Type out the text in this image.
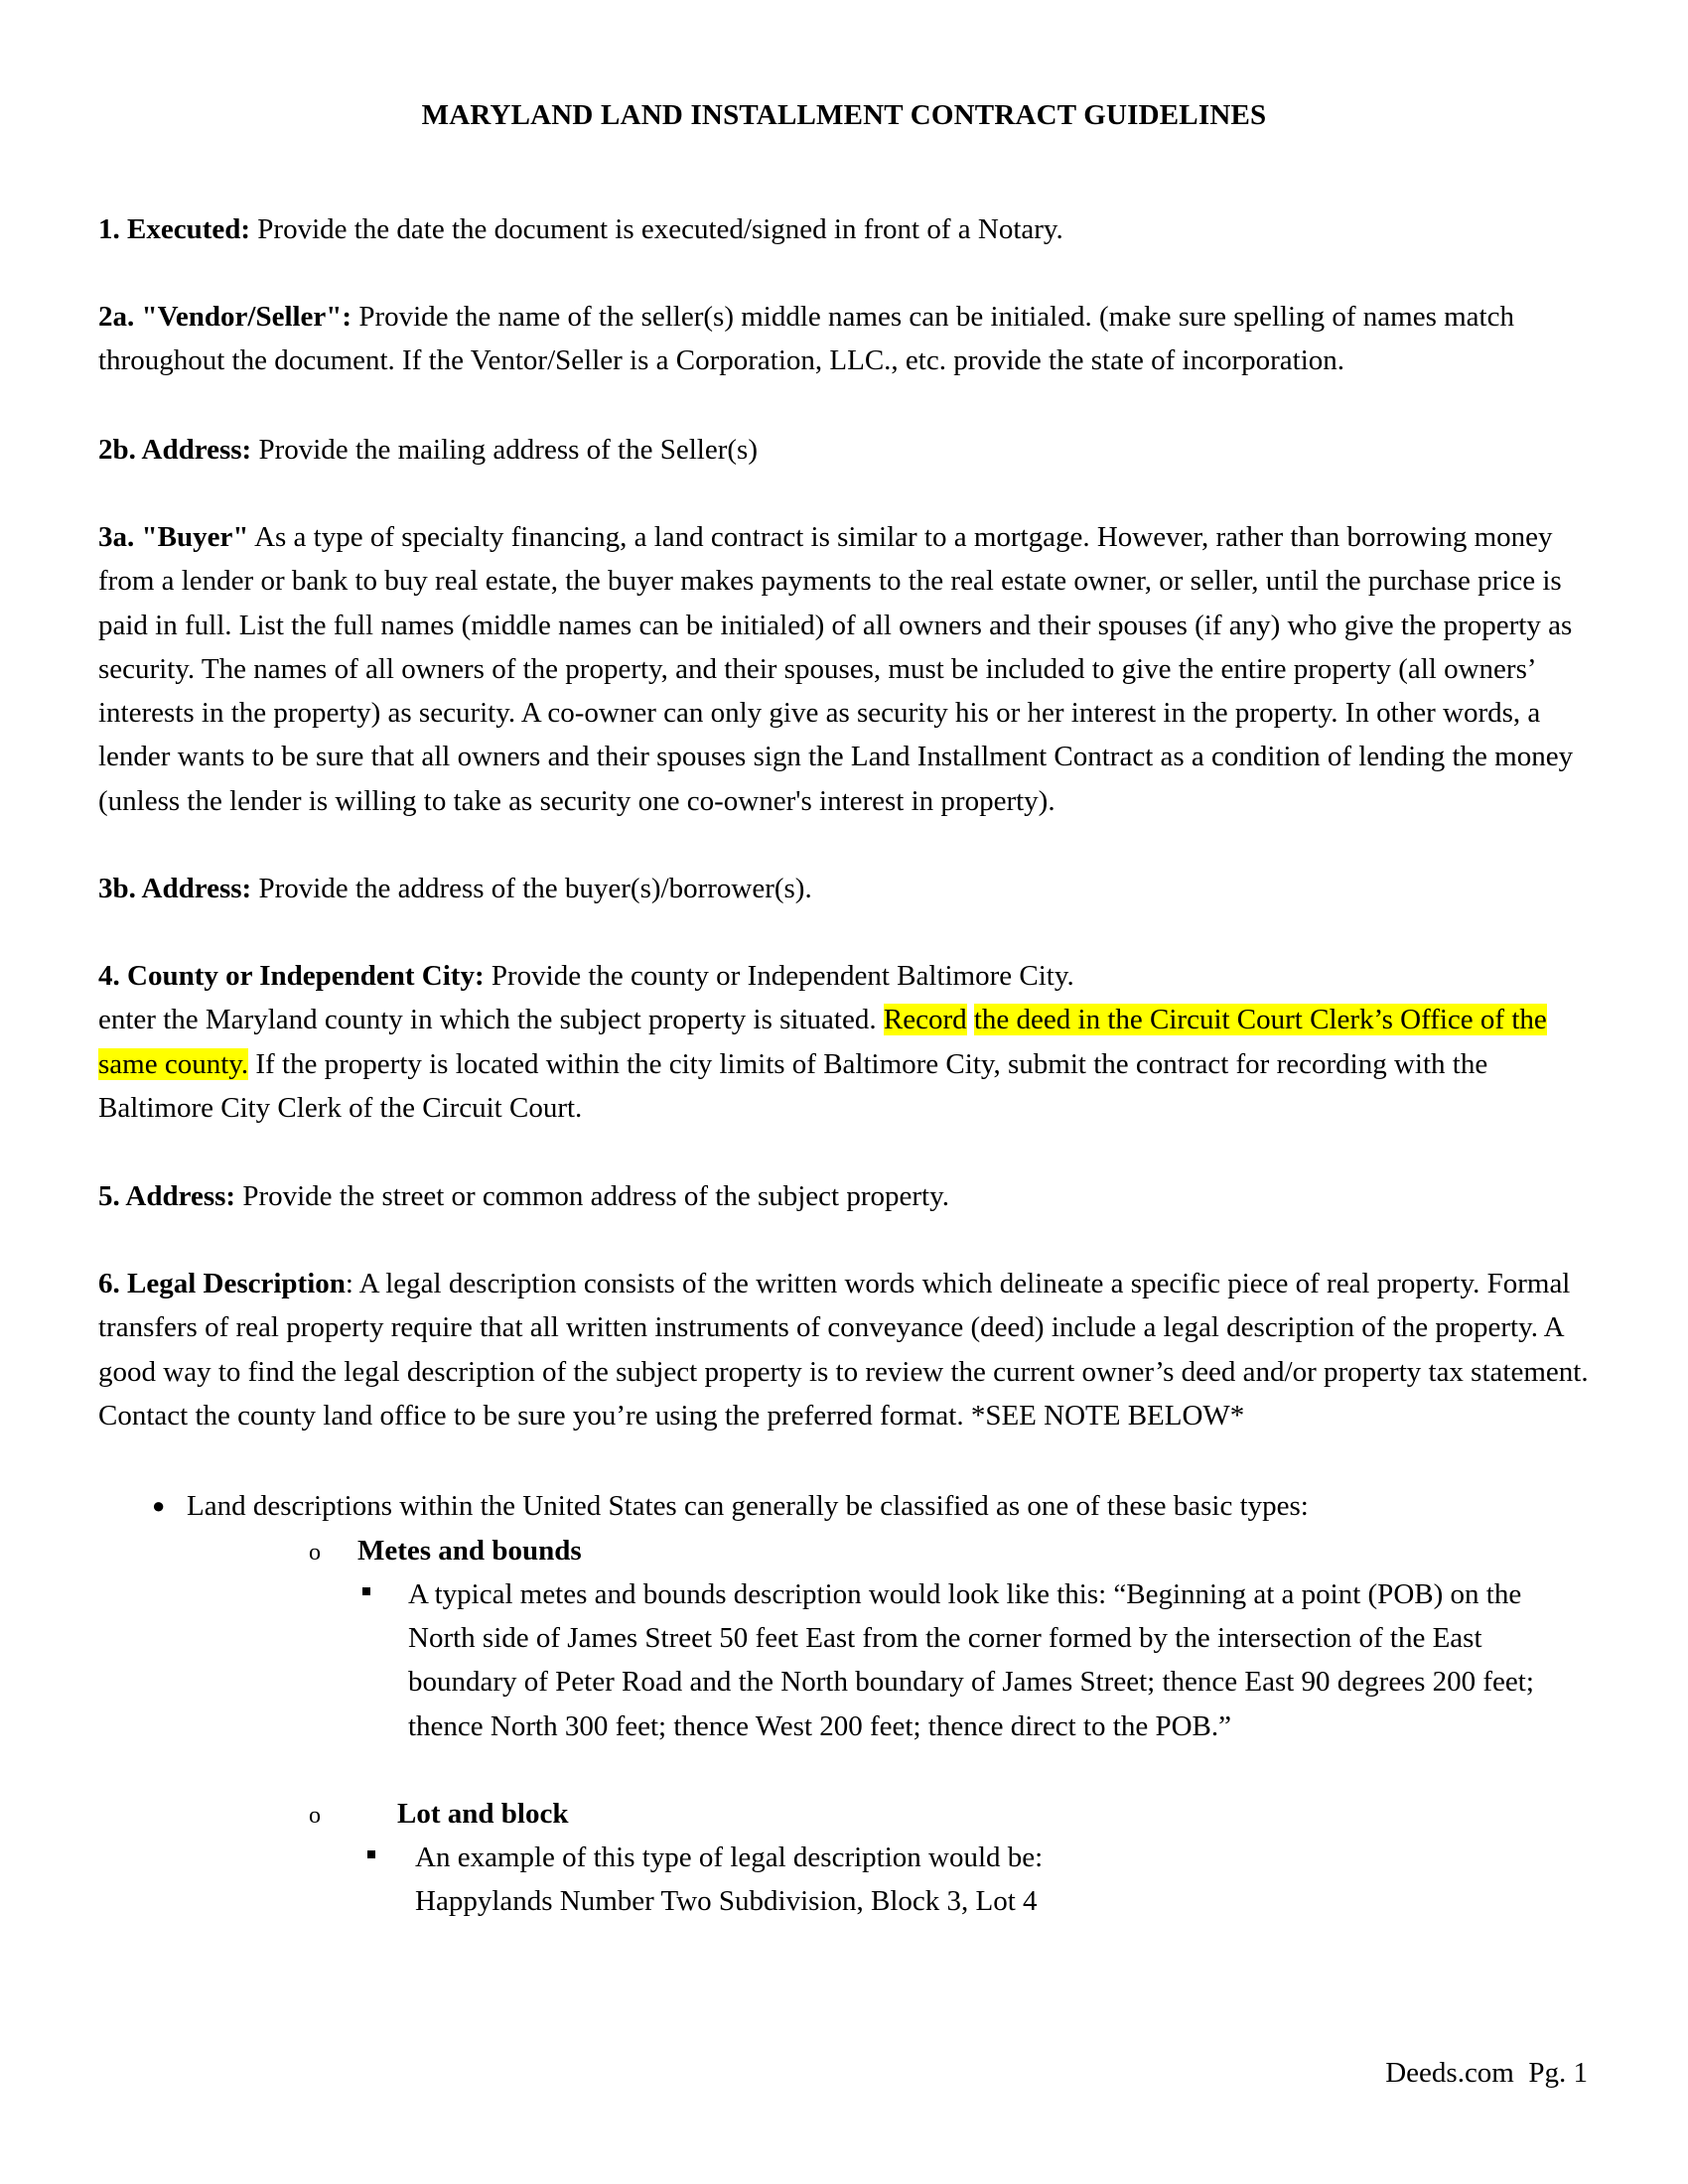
MARYLAND LAND INSTALLMENT CONTRACT GUIDELINES

1. Executed: Provide the date the document is executed/signed in front of a Notary.

2a. "Vendor/Seller": Provide the name of the seller(s) middle names can be initialed. (make sure spelling of names match throughout the document. If the Ventor/Seller is a Corporation, LLC., etc. provide the state of incorporation.

2b. Address: Provide the mailing address of the Seller(s)

3a. "Buyer" As a type of specialty financing, a land contract is similar to a mortgage. However, rather than borrowing money from a lender or bank to buy real estate, the buyer makes payments to the real estate owner, or seller, until the purchase price is paid in full. List the full names (middle names can be initialed) of all owners and their spouses (if any) who give the property as security. The names of all owners of the property, and their spouses, must be included to give the entire property (all owners’ interests in the property) as security. A co-owner can only give as security his or her interest in the property. In other words, a lender wants to be sure that all owners and their spouses sign the Land Installment Contract as a condition of lending the money (unless the lender is willing to take as security one co-owner's interest in property).

3b. Address: Provide the address of the buyer(s)/borrower(s).

4. County or Independent City: Provide the county or Independent Baltimore City.
enter the Maryland county in which the subject property is situated. Record the deed in the Circuit Court Clerk’s Office of the same county. If the property is located within the city limits of Baltimore City, submit the contract for recording with the Baltimore City Clerk of the Circuit Court.

5. Address: Provide the street or common address of the subject property.

6. Legal Description: A legal description consists of the written words which delineate a specific piece of real property. Formal transfers of real property require that all written instruments of conveyance (deed) include a legal description of the property. A good way to find the legal description of the subject property is to review the current owner’s deed and/or property tax statement. Contact the county land office to be sure you’re using the preferred format. *SEE NOTE BELOW*

● Land descriptions within the United States can generally be classified as one of these basic types:
o Metes and bounds
A typical metes and bounds description would look like this: “Beginning at a point (POB) on the North side of James Street 50 feet East from the corner formed by the intersection of the East boundary of Peter Road and the North boundary of James Street; thence East 90 degrees 200 feet; thence North 300 feet; thence West 200 feet; thence direct to the POB.”
o	Lot and block
An example of this type of legal description would be:
Happylands Number Two Subdivision, Block 3, Lot 4
Deeds.com  Pg. 1
